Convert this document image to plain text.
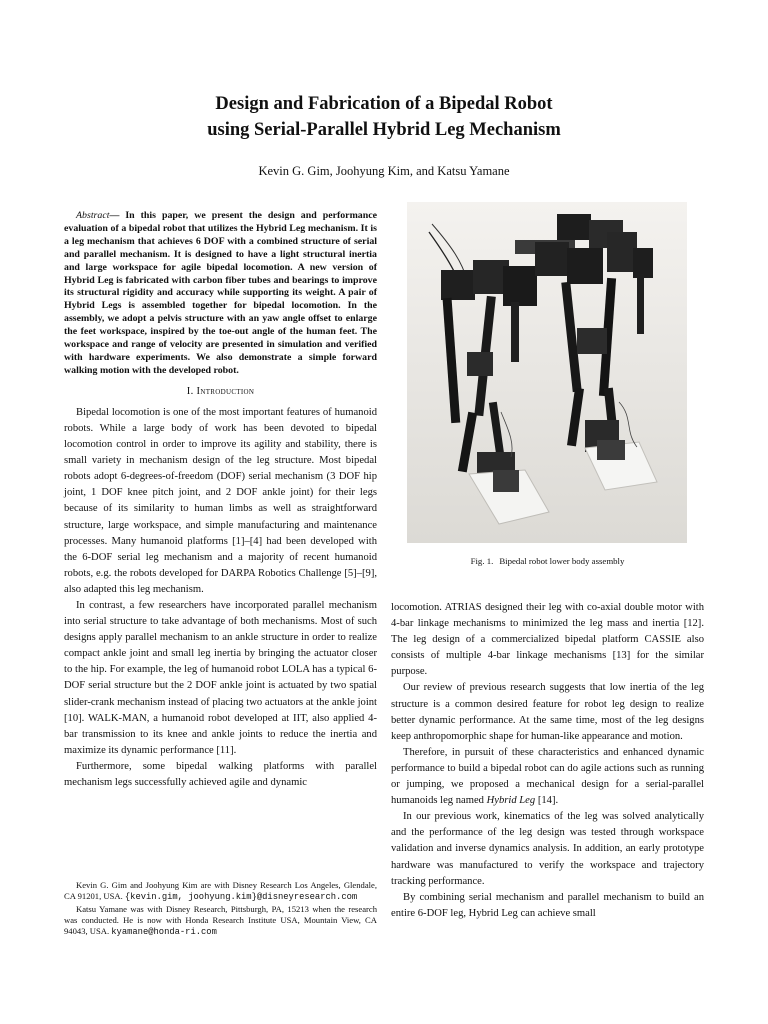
Design and Fabrication of a Bipedal Robot
using Serial-Parallel Hybrid Leg Mechanism
Kevin G. Gim, Joohyung Kim, and Katsu Yamane

Abstract— In this paper, we present the design and performance evaluation of a bipedal robot that utilizes the Hybrid Leg mechanism. It is a leg mechanism that achieves 6 DOF with a combined structure of serial and parallel mechanism. It is designed to have a light structural inertia and large workspace for agile bipedal locomotion. A new version of Hybrid Leg is fabricated with carbon fiber tubes and bearings to improve its structural rigidity and accuracy while supporting its weight. A pair of Hybrid Legs is assembled together for bipedal locomotion. In the assembly, we adopt a pelvis structure with an yaw angle offset to enlarge the feet workspace, inspired by the toe-out angle of the human feet. The workspace and range of velocity are presented in simulation and verified with hardware experiments. We also demonstrate a simple forward walking motion with the developed robot.

I. Introduction

Bipedal locomotion is one of the most important features of humanoid robots. While a large body of work has been devoted to bipedal locomotion control in order to improve its agility and stability, there is small variety in mechanism design of the leg structure. Most bipedal robots adopt 6-degrees-of-freedom (DOF) serial mechanism (3 DOF hip joint, 1 DOF knee pitch joint, and 2 DOF ankle joint) for their legs because of its similarity to human limbs as well as straightforward structure, large workspace, and simple manufacturing and maintenance processes. Many humanoid platforms [1]–[4] had been developed with the 6-DOF serial leg mechanism and a majority of recent humanoid robots, e.g. the robots developed for DARPA Robotics Challenge [5]–[9], also adapted this leg mechanism.

In contrast, a few researchers have incorporated parallel mechanism into serial structure to take advantage of both mechanisms. Most of such designs apply parallel mechanism to an ankle structure in order to realize compact ankle joint and small leg inertia by bringing the actuator closer to the hip. For example, the leg of humanoid robot LOLA has a typical 6-DOF serial structure but the 2 DOF ankle joint is actuated by two spatial slider-crank mechanism instead of placing two actuators at the ankle joint [10]. WALK-MAN, a humanoid robot developed at IIT, also applied 4-bar transmission to its knee and ankle joints to reduce the inertia and maximize its dynamic performance [11].

Furthermore, some bipedal walking platforms with parallel mechanism legs successfully achieved agile and dynamic

Kevin G. Gim and Joohyung Kim are with Disney Research Los Angeles, Glendale, CA 91201, USA. {kevin.gim, joohyung.kim}@disneyresearch.com

Katsu Yamane was with Disney Research, Pittsburgh, PA, 15213 when the research was conducted. He is now with Honda Research Institute USA, Mountain View, CA 94043, USA. kyamane@honda-ri.com

Fig. 1. Bipedal robot lower body assembly

locomotion. ATRIAS designed their leg with co-axial double motor with 4-bar linkage mechanisms to minimized the leg mass and inertia [12]. The leg design of a commercialized bipedal platform CASSIE also consists of multiple 4-bar linkage mechanisms [13] for the similar purpose.

Our review of previous research suggests that low inertia of the leg structure is a common desired feature for robot leg design to realize better dynamic performance. At the same time, most of the leg designs keep anthropomorphic shape for human-like appearance and motion.

Therefore, in pursuit of these characteristics and enhanced dynamic performance to build a bipedal robot can do agile actions such as running or jumping, we proposed a mechanical design for a serial-parallel humanoids leg named Hybrid Leg [14].

In our previous work, kinematics of the leg was solved analytically and the performance of the leg design was tested through workspace validation and inverse dynamics analysis. In addition, an early prototype hardware was manufactured to verify the workspace and trajectory tracking performance.

By combining serial mechanism and parallel mechanism to build an entire 6-DOF leg, Hybrid Leg can achieve small
